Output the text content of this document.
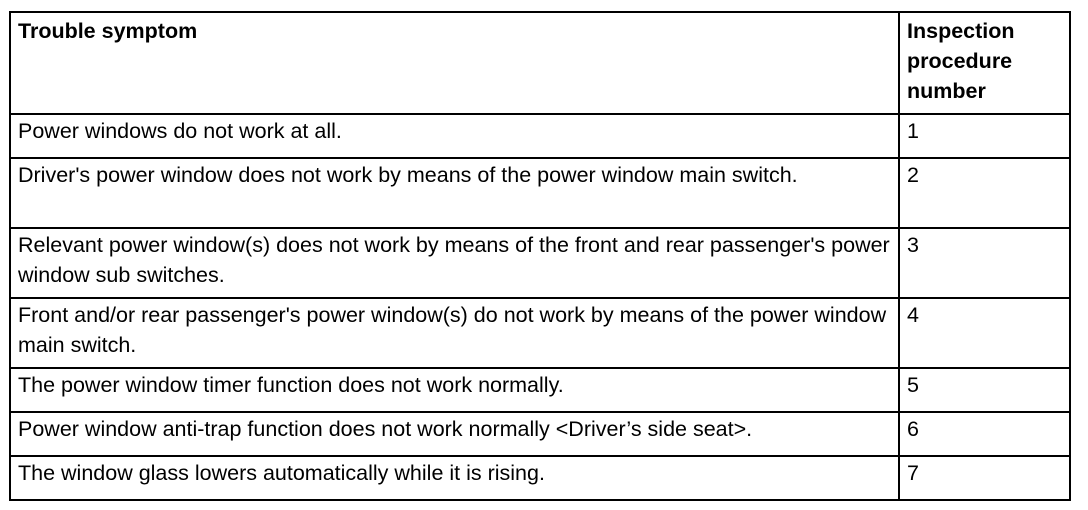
Trouble symptom	Inspection procedure number
Power windows do not work at all.	1
Driver's power window does not work by means of the power window main switch.	2
Relevant power window(s) does not work by means of the front and rear passenger's power window sub switches.	3
Front and/or rear passenger's power window(s) do not work by means of the power window main switch.	4
The power window timer function does not work normally.	5
Power window anti-trap function does not work normally <Driver’s side seat>.	6
The window glass lowers automatically while it is rising.	7
